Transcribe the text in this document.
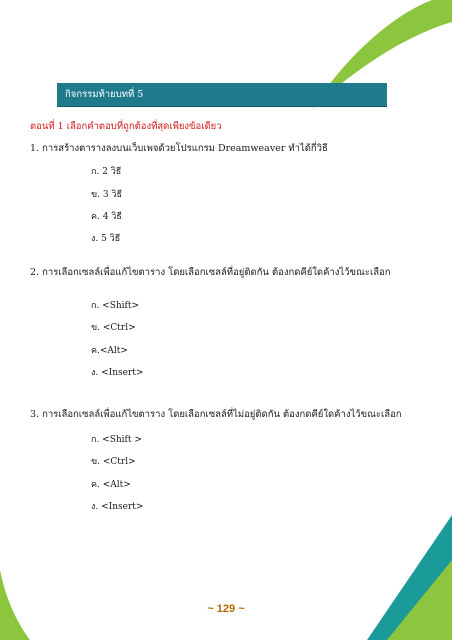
กิจกรรมท้ายบทที่ 5
ตอนที่ 1 เลือกคำตอบที่ถูกต้องที่สุดเพียงข้อเดียว
1. การสร้างตารางลงบนเว็บเพจด้วยโปรแกรม Dreamweaver ทำได้กี่วิธี
ก. 2 วิธี
ข. 3 วิธี
ค. 4 วิธี
ง. 5 วิธี
2. การเลือกเซลล์เพื่อแก้ไขตาราง โดยเลือกเซลล์ที่อยู่ติดกัน ต้องกดคีย์ใดค้างไว้ขณะเลือก
ก. <Shift>
ข. <Ctrl>
ค.<Alt>
ง. <Insert>
3. การเลือกเซลล์เพื่อแก้ไขตาราง โดยเลือกเซลล์ที่ไม่อยู่ติดกัน ต้องกดคีย์ใดค้างไว้ขณะเลือก
ก. <Shift >
ข. <Ctrl>
ค. <Alt>
ง. <Insert>
~ 129 ~
